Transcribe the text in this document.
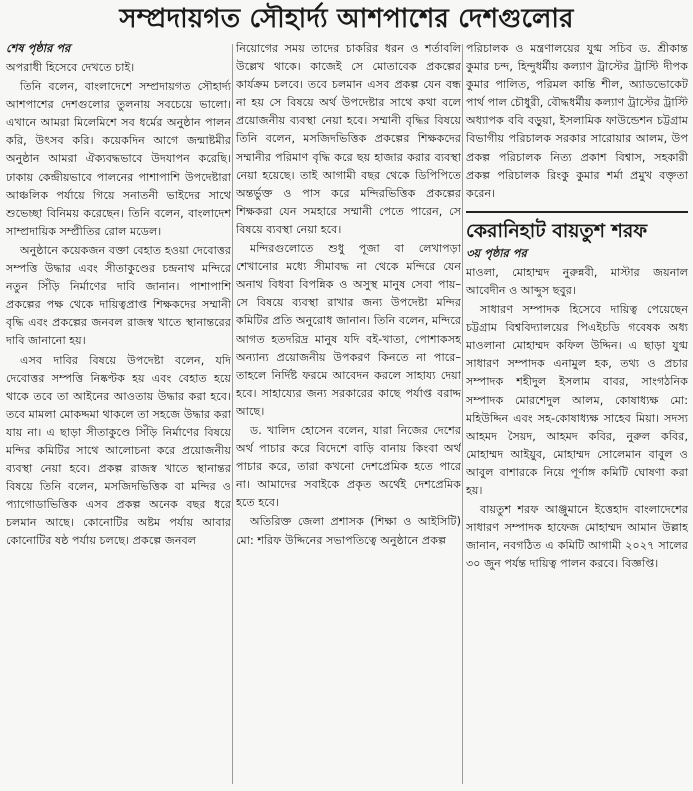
সম্প্রদায়গত সৌহার্দ্য আশপাশের দেশগুলোর
শেষ পৃষ্ঠার পর

অপরাধী হিসেবে দেখতে চাই।

তিনি বলেন, বাংলাদেশে সম্প্রদায়গত সৌহার্দ্য আশপাশের দেশগুলোর তুলনায় সবচেয়ে ভালো। এখানে আমরা মিলেমিশে সব ধর্মের অনুষ্ঠান পালন করি, উৎসব করি। কয়েকদিন আগে জন্মাষ্টমীর অনুষ্ঠান আমরা ঐক্যবদ্ধভাবে উদযাপন করেছি। ঢাকায় কেন্দ্রীয়ভাবে পালনের পাশাপাশি উপদেষ্টারা আঞ্চলিক পর্যায়ে গিয়ে সনাতনী ভাইদের সাথে শুভেচ্ছা বিনিময় করেছেন। তিনি বলেন, বাংলাদেশ সাম্প্রদায়িক সম্প্রীতির রোল মডেল।

অনুষ্ঠানে কয়েকজন বক্তা বেহাত হওয়া দেবোত্তর সম্পত্তি উদ্ধার এবং সীতাকুণ্ডের চন্দ্রনাথ মন্দিরে নতুন সিঁড়ি নির্মাণের দাবি জানান। পাশাপাশি প্রকল্পের পক্ষ থেকে দায়িত্বপ্রাপ্ত শিক্ষকদের সম্মানী বৃদ্ধি এবং প্রকল্পের জনবল রাজস্ব খাতে স্থানান্তরের দাবি জানানো হয়।

এসব দাবির বিষয়ে উপদেষ্টা বলেন, যদি দেবোত্তর সম্পত্তি নিষ্কণ্টক হয় এবং বেহাত হয়ে থাকে তবে তা আইনের আওতায় উদ্ধার করা হবে। তবে মামলা মোকদ্দমা থাকলে তা সহজে উদ্ধার করা যায় না। এ ছাড়া সীতাকুণ্ডে সিঁড়ি নির্মাণের বিষয়ে মন্দির কমিটির সাথে আলোচনা করে প্রয়োজনীয় ব্যবস্থা নেয়া হবে। প্রকল্প রাজস্ব খাতে স্থানান্তর বিষয়ে তিনি বলেন, মসজিদভিত্তিক বা মন্দির ও প্যাগোডাভিত্তিক এসব প্রকল্প অনেক বছর ধরে চলমান আছে। কোনোটির অষ্টম পর্যায় আবার কোনোটির ষষ্ঠ পর্যায় চলছে। প্রকল্পে জনবল

নিয়োগের সময় তাদের চাকরির ধরন ও শর্তাবলি উল্লেখ থাকে। কাজেই সে মোতাবেক প্রকল্পের কার্যক্রম চলবে। তবে চলমান এসব প্রকল্প যেন বন্ধ না হয় সে বিষয়ে অর্থ উপদেষ্টার সাথে কথা বলে প্রয়োজনীয় ব্যবস্থা নেয়া হবে। সম্মানী বৃদ্ধির বিষয়ে তিনি বলেন, মসজিদভিত্তিক প্রকল্পের শিক্ষকদের সম্মানীর পরিমাণ বৃদ্ধি করে ছয় হাজার করার ব্যবস্থা নেয়া হয়েছে। তাই আগামী বছর থেকে ডিপিপিতে অন্তর্ভুক্ত ও পাস করে মন্দিরভিত্তিক প্রকল্পের শিক্ষকরা যেন সমহারে সম্মানী পেতে পারেন, সে বিষয়ে ব্যবস্থা নেয়া হবে।

মন্দিরগুলোতে শুধু পূজা বা লেখাপড়া শেখানোর মধ্যে সীমাবদ্ধ না থেকে মন্দিরে যেন অনাথ বিধবা বিপন্নিক ও অসুস্থ মানুষ সেবা পায়– সে বিষয়ে ব্যবস্থা রাখার জন্য উপদেষ্টা মন্দির কমিটির প্রতি অনুরোধ জানান। তিনি বলেন, মন্দিরে আগত হতদরিদ্র মানুষ যদি বই-খাতা, পোশাকসহ অন্যান্য প্রয়োজনীয় উপকরণ কিনতে না পারে– তাহলে নির্দিষ্ট ফরমে আবেদন করলে সাহায্য দেয়া হবে। সাহায্যের জন্য সরকারের কাছে পর্যাপ্ত বরাদ্দ আছে।

ড. খালিদ হোসেন বলেন, যারা নিজের দেশের অর্থ পাচার করে বিদেশে বাড়ি বানায় কিংবা অর্থ পাচার করে, তারা কখনো দেশপ্রেমিক হতে পারে না। আমাদের সবাইকে প্রকৃত অর্থেই দেশপ্রেমিক হতে হবে।

অতিরিক্ত জেলা প্রশাসক (শিক্ষা ও আইসিটি) মো: শরিফ উদ্দিনের সভাপতিত্বে অনুষ্ঠানে প্রকল্প

পরিচালক ও মন্ত্রণালয়ের যুগ্ম সচিব ড. শ্রীকান্ত কুমার চন্দ, হিন্দুধর্মীয় কল্যাণ ট্রাস্টের ট্রাস্টি দীপক কুমার পালিত, পরিমল কান্তি শীল, অ্যাডভোকেট পার্থ পাল চৌধুরী, বৌদ্ধধর্মীয় কল্যাণ ট্রাস্টের ট্রাস্টি অধ্যাপক ববি বড়ুয়া, ইসলামিক ফাউন্ডেশন চট্টগ্রাম বিভাগীয় পরিচালক সরকার সারোয়ার আলম, উপ প্রকল্প পরিচালক নিত্য প্রকাশ বিশ্বাস, সহকারী প্রকল্প পরিচালক রিংকু কুমার শর্মা প্রমুখ বক্তৃতা করেন।

কেরানিহাট বায়তুশ শরফ
৩য় পৃষ্ঠার পর

মাওলা, মোহাম্মদ নুরুন্নবী, মাস্টার জয়নাল আবেদীন ও আব্দুস ছবুর।

সাধারণ সম্পাদক হিসেবে দায়িত্ব পেয়েছেন চট্টগ্রাম বিশ্ববিদ্যালয়ের পিএইচডি গবেষক অধ্য মাওলানা মোহাম্মদ কফিল উদ্দিন। এ ছাড়া যুগ্ম সাধারণ সম্পাদক এনামুল হক, তথ্য ও প্রচার সম্পাদক শহীদুল ইসলাম বাবর, সাংগঠনিক সম্পাদক মোরশেদুল আলম, কোষাধ্যক্ষ মো: মহিউদ্দিন এবং সহ-কোষাধ্যক্ষ সাহেব মিয়া। সদস্য আহমদ সৈয়দ, আহমদ কবির, নুরুল কবির, মোহাম্মদ আইয়ুব, মোহাম্মদ সোলেমান বাবুল ও আবুল বাশারকে নিয়ে পূর্ণাঙ্গ কমিটি ঘোষণা করা হয়।

বায়তুশ শরফ আঞ্জুমানে ইত্তেহাদ বাংলাদেশের সাধারণ সম্পাদক হাফেজ মোহাম্মদ আমান উল্লাহ জানান, নবগঠিত এ কমিটি আগামী ২০২৭ সালের ৩০ জুন পর্যন্ত দায়িত্ব পালন করবে। বিজ্ঞপ্তি।
